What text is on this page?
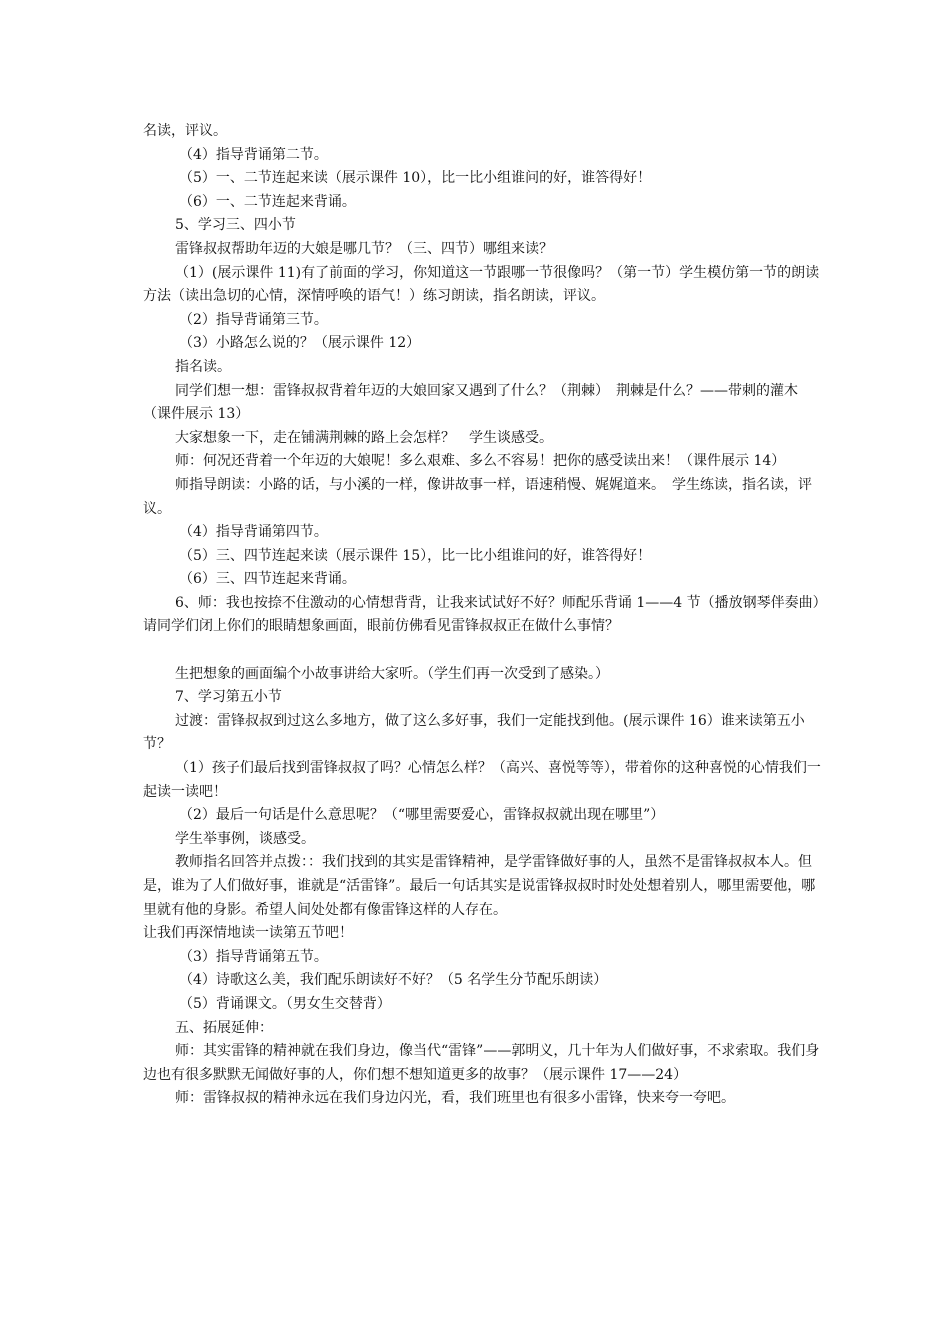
名读，评议。

（4）指导背诵第二节。

（5）一、二节连起来读（展示课件 10），比一比小组谁问的好，谁答得好！

（6）一、二节连起来背诵。

5、学习三、四小节

雷锋叔叔帮助年迈的大娘是哪几节？（三、四节）哪组来读？

（1）(展示课件 11)有了前面的学习，你知道这一节跟哪一节很像吗？（第一节）学生模仿第一节的朗读方法（读出急切的心情，深情呼唤的语气！）练习朗读，指名朗读，评议。

（2）指导背诵第三节。

（3）小路怎么说的？（展示课件 12）

指名读。

同学们想一想：雷锋叔叔背着年迈的大娘回家又遇到了什么？（荆棘）　荆棘是什么？——带刺的灌木（课件展示 13）

大家想象一下，走在铺满荆棘的路上会怎样？　学生谈感受。

师：何况还背着一个年迈的大娘呢！多么艰难、多么不容易！把你的感受读出来！（课件展示 14）

师指导朗读：小路的话，与小溪的一样，像讲故事一样，语速稍慢、娓娓道来。　学生练读，指名读，评议。

（4）指导背诵第四节。

（5）三、四节连起来读（展示课件 15），比一比小组谁问的好，谁答得好！

（6）三、四节连起来背诵。

6、师：我也按捺不住激动的心情想背背，让我来试试好不好？师配乐背诵 1——4 节（播放钢琴伴奏曲）请同学们闭上你们的眼睛想象画面，眼前仿佛看见雷锋叔叔正在做什么事情？

生把想象的画面编个小故事讲给大家听。（学生们再一次受到了感染。）

7、学习第五小节

过渡：雷锋叔叔到过这么多地方，做了这么多好事，我们一定能找到他。(展示课件 16）谁来读第五小节？

（1）孩子们最后找到雷锋叔叔了吗？心情怎么样？（高兴、喜悦等等），带着你的这种喜悦的心情我们一起读一读吧！

（2）最后一句话是什么意思呢？（“哪里需要爱心，雷锋叔叔就出现在哪里”）

学生举事例，谈感受。

教师指名回答并点拨：：我们找到的其实是雷锋精神，是学雷锋做好事的人，虽然不是雷锋叔叔本人。但是，谁为了人们做好事，谁就是“活雷锋”。最后一句话其实是说雷锋叔叔时时处处想着别人，哪里需要他，哪里就有他的身影。希望人间处处都有像雷锋这样的人存在。

让我们再深情地读一读第五节吧！

（3）指导背诵第五节。

（4）诗歌这么美，我们配乐朗读好不好？（5 名学生分节配乐朗读）

（5）背诵课文。（男女生交替背）

五、拓展延伸：

师：其实雷锋的精神就在我们身边，像当代“雷锋”——郭明义，几十年为人们做好事，不求索取。我们身边也有很多默默无闻做好事的人，你们想不想知道更多的故事？（展示课件 17——24）

师：雷锋叔叔的精神永远在我们身边闪光，看，我们班里也有很多小雷锋，快来夸一夸吧。
